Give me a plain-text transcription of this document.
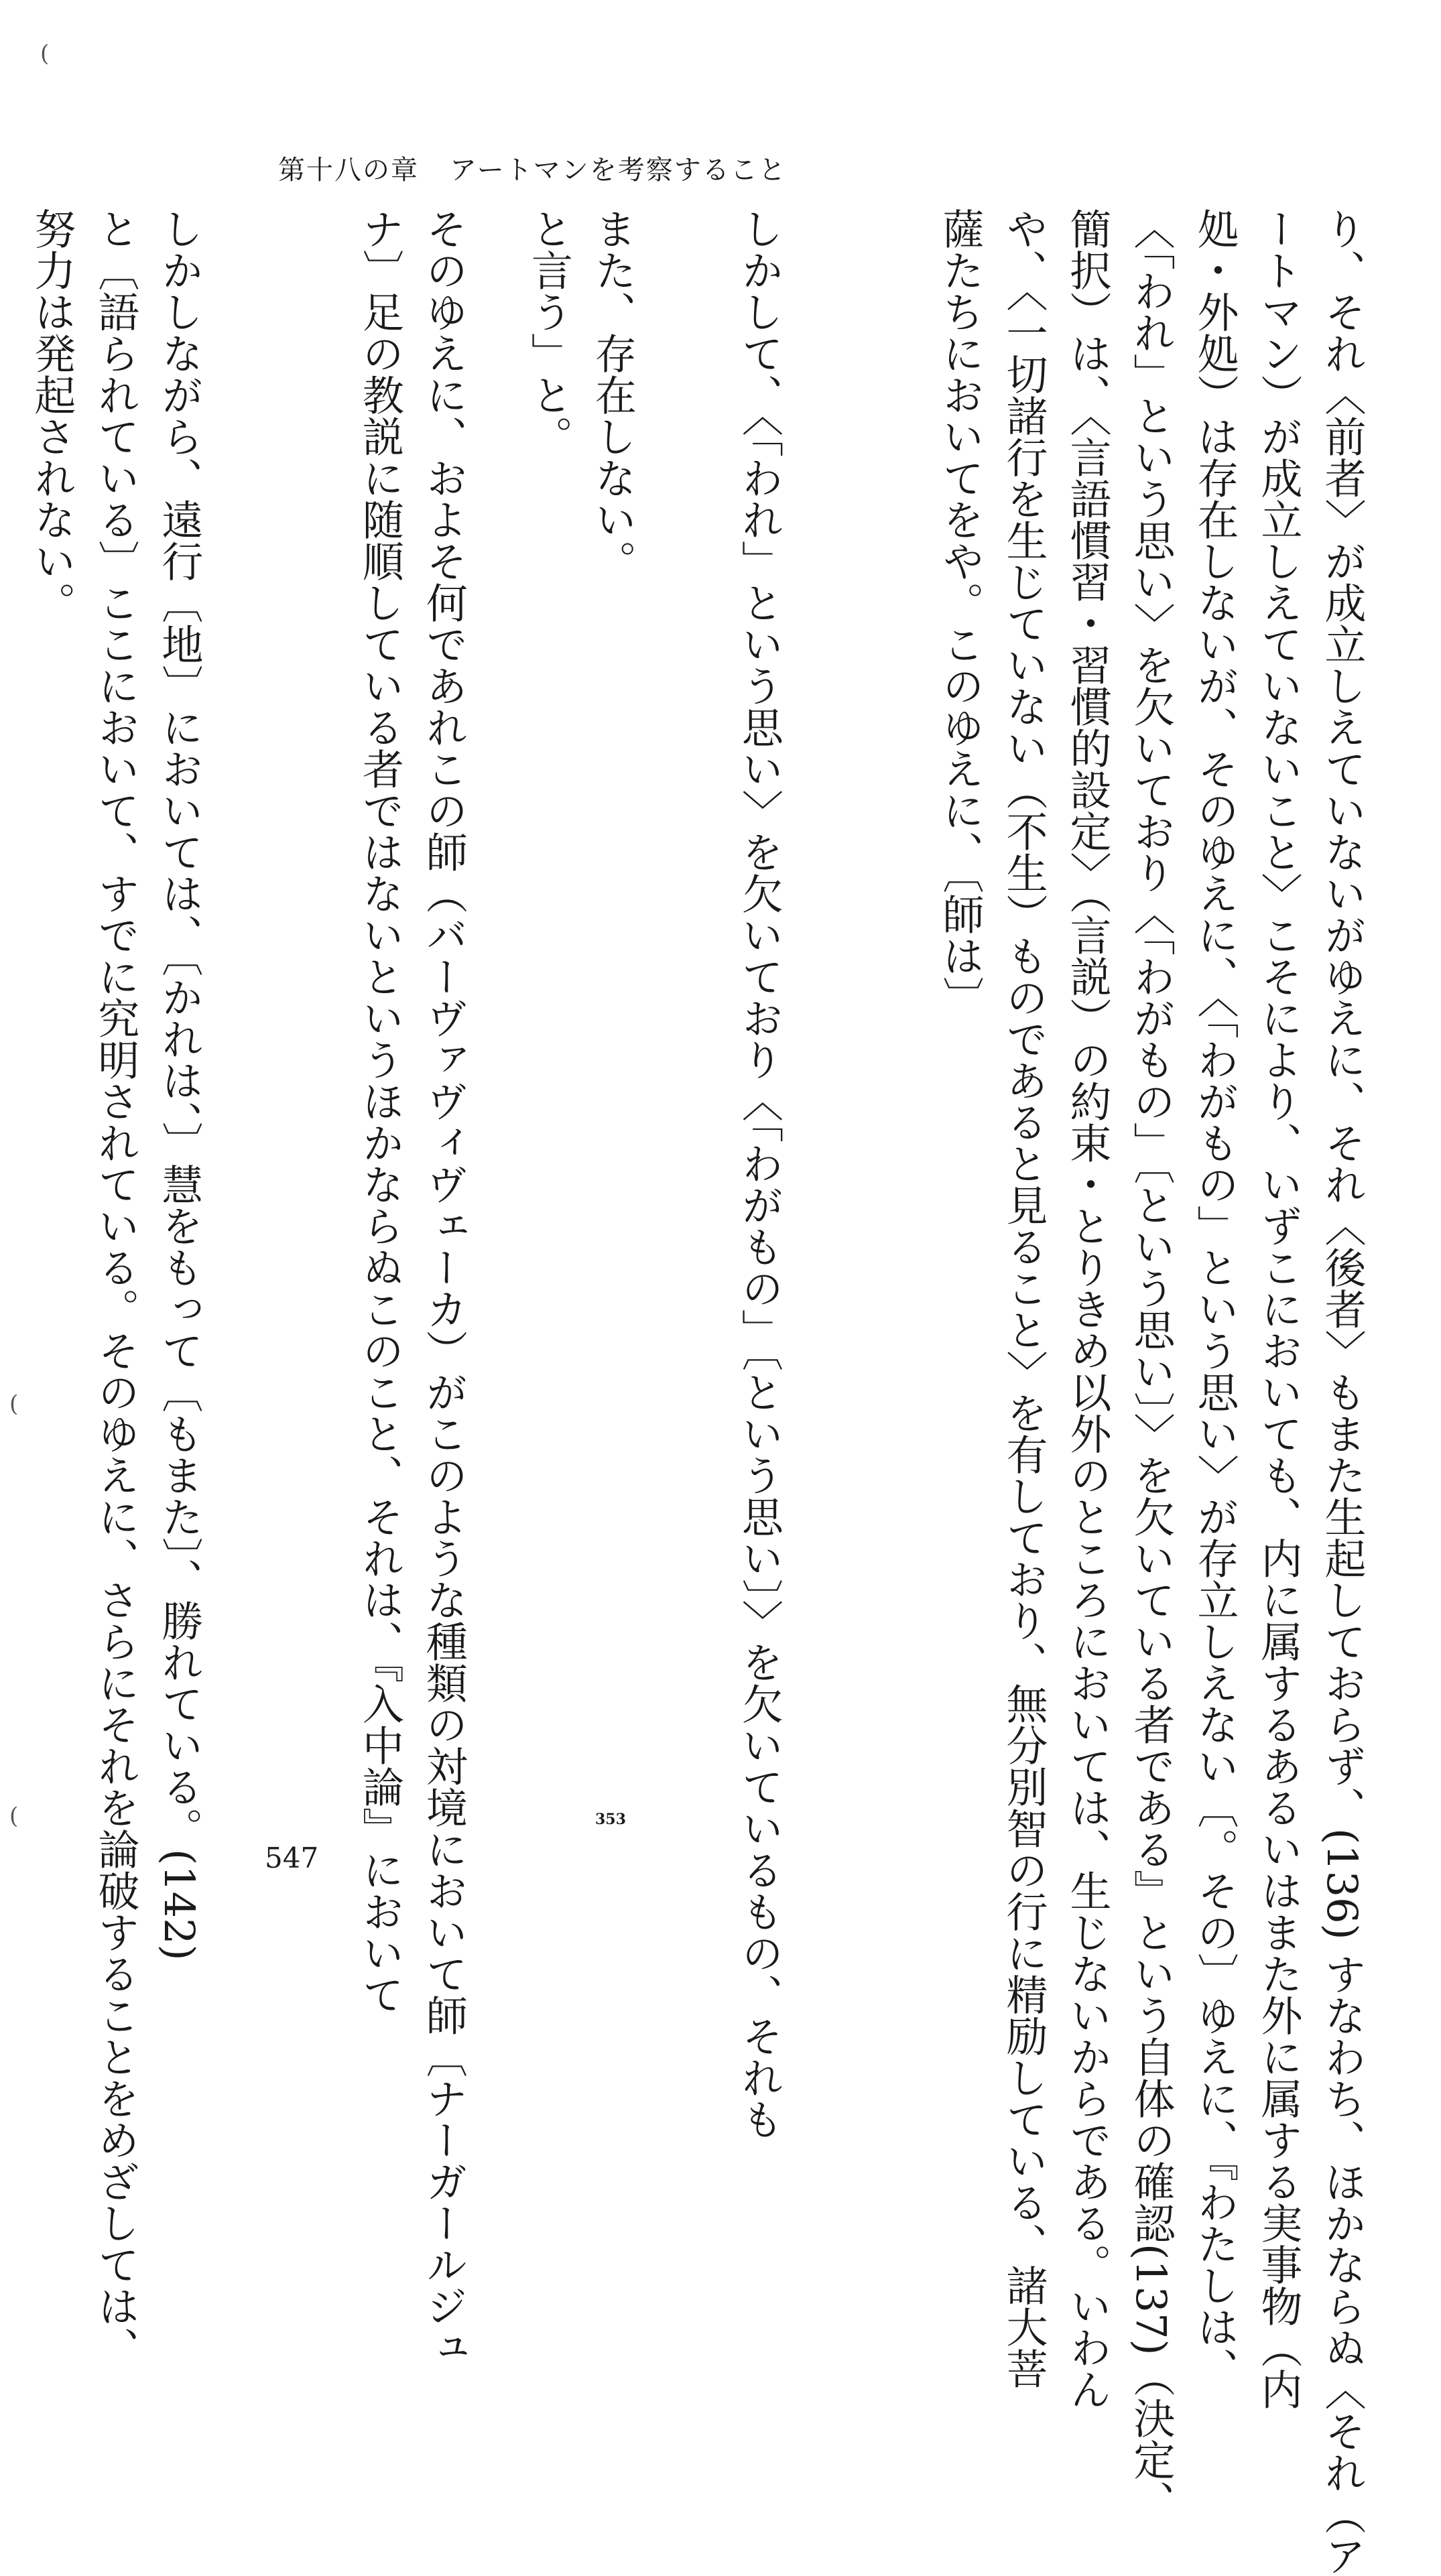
第十八の章 アートマンを考察すること
り、それ〈前者〉が成立しえていないがゆえに、それ〈後者〉もまた生起しておらず、(136) すなわち、ほかならぬ〈それ（ア
ートマン）が成立しえていないこと〉こそにより、いずこにおいても、内に属するあるいはまた外に属する実事物（内
処・外処）は存在しないが、そのゆえに、〈「わがもの」という思い〉が存立しえない〔。その〕ゆえに、『わたしは、
〈「われ」という思い〉を欠いており〈「わがもの」〔という思い〕〉を欠いている者である』という自体の確認(137)（決定、
簡択）は、〈言語慣習・習慣的設定〉（言説）の約束・とりきめ以外のところにおいては、生じないからである。いわん
や、〈一切諸行を生じていない（不生）ものであると見ること〉を有しており、無分別智の行に精励している、諸大菩
薩たちにおいてをや。このゆえに、〔師は〕
しかして、〈「われ」という思い〉を欠いており〈「わがもの」〔という思い〕〉を欠いているもの、それも
また、存在しない。
と言う」と。
そのゆえに、およそ何であれこの師（バーヴァヴィヴェーカ）がこのような種類の対境において師〔ナーガールジュ
ナ〕足の教説に随順している者ではないというほかならぬこのこと、それは、『入中論』において
しかしながら、遠行〔地〕においては、〔かれは、〕慧をもって〔もまた〕、勝れている。(142)
と〔語られている〕ここにおいて、すでに究明されている。そのゆえに、さらにそれを論破することをめざしては、
努力は発起されない。
353
547
(
(
(
